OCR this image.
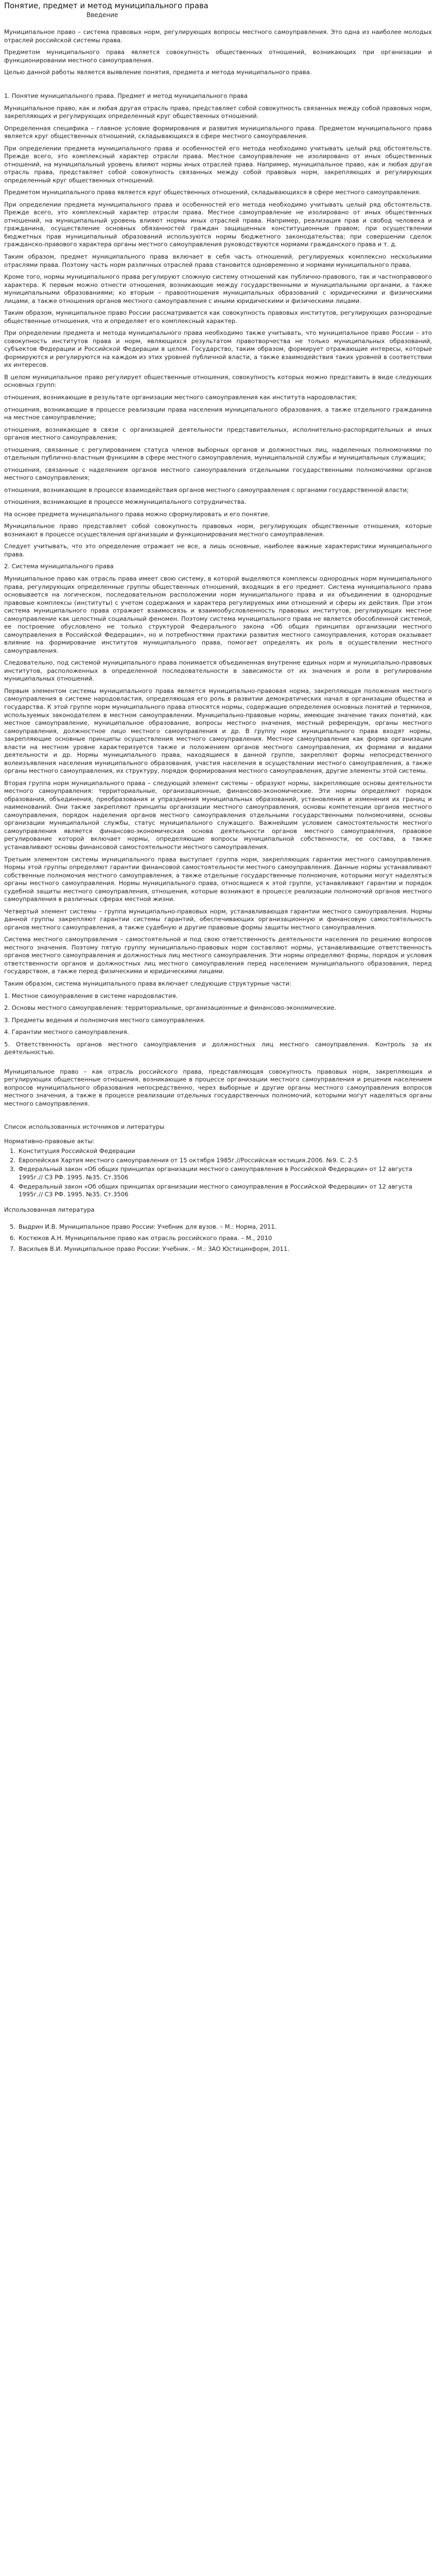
Понятие, предмет и метод муниципального права
Введение

Муниципальное право – система правовых норм, регулирующих вопросы местного самоуправления. Это одна из наиболее молодых отраслей российской системы права.

Предметом муниципального права является совокупность общественных отношений, возникающих при организации и функционировании местного самоуправления.

Целью данной работы является выявление понятия, предмета и метода муниципального права.

1. Понятие муниципального права. Предмет и метод муниципального права

Муниципальное право, как и любая другая отрасль права, представляет собой совокупность связанных между собой правовых норм, закрепляющих и регулирующих определенный круг общественных отношений.

Определенная специфика – главное условие формирования и развития муниципального права. Предметом муниципального права является круг общественных отношений, складывающихся в сфере местного самоуправления.

При определении предмета муниципального права и особенностей его метода необходимо учитывать целый ряд обстоятельств. Прежде всего, это комплексный характер отрасли права. Местное самоуправление не изолировано от иных общественных отношений, на муниципальный уровень влияют нормы иных отраслей права. Например, муниципальное право, как и любая другая отрасль права, представляет собой совокупность связанных между собой правовых норм, закрепляющих и регулирующих определенный круг общественных отношений.

Предметом муниципального права является круг общественных отношений, складывающихся в сфере местного самоуправления.

При определении предмета муниципального права и особенностей его метода необходимо учитывать целый ряд обстоятельств. Прежде всего, это комплексный характер отрасли права. Местное самоуправление не изолировано от иных общественных отношений, на муниципальный уровень влияют нормы иных отраслей права. Например, реализация прав и свобод человека и гражданина, осуществление основных обязанностей граждан защищенных конституционным правом; при осуществлении бюджетных прав муниципальный образований используются нормы бюджетного законодательства; при совершении сделок гражданско-правового характера органы местного самоуправления руководствуются нормами гражданского права и т. д.

Таким образом, предмет муниципального права включает в себя часть отношений, регулируемых комплексно несколькими отраслями права. Поэтому часть норм различных отраслей права становится одновременно и нормами муниципального права.

Кроме того, нормы муниципального права регулируют сложную систему отношений как публично-правового, так и частноправового характера. К первым можно отнести отношения, возникающие между государственными и муниципальными органами, а также муниципальными образованиями; ко вторым – правоотношения муниципальных образований с юридическими и физическими лицами, а также отношения органов местного самоуправления с иными юридическими и физическими лицами.

Таким образом, муниципальное право России рассматривается как совокупность правовых институтов, регулирующих разнородные общественные отношения, что и определяет его комплексный характер.

При определении предмета и метода муниципального права необходимо также учитывать, что муниципальное право России – это совокупность институтов права и норм, являющихся результатом правотворчества не только муниципальных образований, субъектов Федерации и Российской Федерации в целом. Государство, таким образом, формирует отражающие интересы, которые формируются и регулируются на каждом из этих уровней публичной власти, а также взаимодействия таких уровней в соответствии их интересов.

В целом муниципальное право регулирует общественные отношения, совокупность которых можно представить в виде следующих основных групп:

отношения, возникающие в результате организации местного самоуправления как института народовластия;

отношения, возникающие в процессе реализации права населения муниципального образования, а также отдельного гражданина на местное самоуправление;

отношения, возникающие в связи с организацией деятельности представительных, исполнительно-распорядительных и иных органов местного самоуправления;

отношения, связанные с регулированием статуса членов выборных органов и должностных лиц, наделенных полномочиями по отдельным публично-властным функциям в сфере местного самоуправления, муниципальной службы и муниципальных служащих;

отношения, связанные с наделением органов местного самоуправления отдельными государственными полномочиями органов местного самоуправления;

отношения, возникающие в процессе взаимодействия органов местного самоуправления с органами государственной власти;

отношения, возникающие в процессе межмуниципального сотрудничества.

На основе предмета муниципального права можно сформулировать и его понятие.

Муниципальное право представляет собой совокупность правовых норм, регулирующих общественные отношения, которые возникают в процессе осуществления организации и функционирования местного самоуправления.

Следует учитывать, что это определение отражает не все, а лишь основные, наиболее важные характеристики муниципального права.

2. Система муниципального права

Муниципальное право как отрасль права имеет свою систему, в которой выделяются комплексы однородных норм муниципального права, регулирующих определенные группы общественных отношений, входящих в его предмет. Система муниципального права основывается на логическом, последовательном расположении норм муниципального права и их объединении в однородные правовые комплексы (институты) с учетом содержания и характера регулируемых ими отношений и сферы их действия. При этом система муниципального права отражает взаимосвязь и взаимообусловленность правовых институтов, регулирующих местное самоуправление как целостный социальный феномен. Поэтому система муниципального права не является обособленной системой, ее построение обусловлено не только структурой Федерального закона «Об общих принципах организации местного самоуправления в Российской Федерации», но и потребностями практики развития местного самоуправления, которая оказывает влияние на формирование институтов муниципального права, помогает определять их роль в осуществлении местного самоуправления.

Следовательно, под системой муниципального права понимается объединенная внутренне единых норм и муниципально-правовых институтов, расположенных в определенной последовательности в зависимости от их значения и роли в регулировании муниципальных отношений.

Первым элементом системы муниципального права является муниципально-правовая норма, закрепляющая положения местного самоуправления в системе народовластия, определяющая его роль в развитии демократических начал в организации общества и государства. К этой группе норм муниципального права относятся нормы, содержащие определения основных понятий и терминов, используемых законодателем в местном самоуправлении. Муниципально-правовые нормы, имеющие значение таких понятий, как местное самоуправление, муниципальное образование, вопросы местного значения, местный референдум, органы местного самоуправления, должностное лицо местного самоуправления и др. В группу норм муниципального права входят нормы, закрепляющие основные принципы осуществления местного самоуправления. Местное самоуправление как форма организации власти на местном уровне характеризуется также и положением органов местного самоуправления, их формами и видами деятельности и др. Нормы муниципального права, находящиеся в данной группе, закрепляют формы непосредственного волеизъявления населения муниципального образования, участия населения в осуществлении местного самоуправления, а также органы местного самоуправления, их структуру, порядок формирования местного самоуправления, другие элементы этой системы.

Вторая группа норм муниципального права – следующий элемент системы – образуют нормы, закрепляющие основы деятельности местного самоуправления: территориальные, организационные, финансово-экономические. Эти нормы определяют порядок образования, объединения, преобразования и упразднения муниципальных образований, установления и изменения их границ и наименований. Они также закрепляют принципы организации местного самоуправления, основы компетенции органов местного самоуправления, порядок наделения органов местного самоуправления отдельными государственными полномочиями, основы организации муниципальной службы, статус муниципального служащего. Важнейшим условием самостоятельности местного самоуправления является финансово-экономическая основа деятельности органов местного самоуправления, правовое регулирование которой включает нормы, определяющие вопросы муниципальной собственности, ее состава, а также устанавливают основы финансовой самостоятельности местного самоуправления.

Третьим элементом системы муниципального права выступает группа норм, закрепляющих гарантии местного самоуправления. Нормы этой группы определяют гарантии финансовой самостоятельности местного самоуправления. Данные нормы устанавливают собственные полномочия местного самоуправления, а также отдельные государственные полномочия, которыми могут наделяться органы местного самоуправления. Нормы муниципального права, относящиеся к этой группе, устанавливают гарантии и порядок судебной защиты местного самоуправления, отношения, которые возникают в процессе реализации полномочий органов местного самоуправления в различных сферах местной жизни.

Четвертый элемент системы – группа муниципально-правовых норм, устанавливающая гарантии местного самоуправления. Нормы данной группы закрепляют гарантии системы гарантий, обеспечивающих организационную и финансовую самостоятельность органов местного самоуправления, а также судебную и другие правовые формы защиты местного самоуправления.

Система местного самоуправления – самостоятельной и под свою ответственность деятельности населения по решению вопросов местного значения. Поэтому пятую группу муниципально-правовых норм составляют нормы, устанавливающие ответственность органов местного самоуправления и должностных лиц местного самоуправления. Эти нормы определяют формы, порядок и условия ответственности органов и должностных лиц местного самоуправления перед населением муниципального образования, перед государством, а также перед физическими и юридическими лицами.

Таким образом, система муниципального права включает следующие структурные части:

1. Местное самоуправление в системе народовластия.

2. Основы местного самоуправления: территориальные, организационные и финансово-экономические.

3. Предметы ведения и полномочия местного самоуправления.

4. Гарантии местного самоуправления.

5. Ответственность органов местного самоуправления и должностных лиц местного самоуправления. Контроль за их деятельностью.

Муниципальное право – как отрасль российского права, представляющая совокупность правовых норм, закрепляющих и регулирующих общественные отношения, возникающие в процессе организации местного самоуправления и решения населением вопросов муниципального образования непосредственно, через выборные и другие органы местного самоуправления вопросов местного значения, а также в процессе реализации отдельных государственных полномочий, которыми могут наделяться органы местного самоуправления.

Список использованных источников и литературы

Нормативно-правовые акты:

1. Конституция Российской Федерации
2. Европейская Хартия местного самоуправления от 15 октября 1985г.//Российская юстиция.2006. №9. С. 2-5
3. Федеральный закон «Об общих принципах организации местного самоуправления в Российской Федерации» от 12 августа 1995г.// СЗ РФ. 1995. №35. Ст.3506
4. Федеральный закон «Об общих принципах организации местного самоуправления в Российской Федерации» от 12 августа 1995г.// СЗ РФ. 1995. №35. Ст.3506

Использованная литература

5. Выдрин И.В. Муниципальное право России: Учебник для вузов. – М.: Норма, 2011.
6. Костюков А.Н. Муниципальное право как отрасль российского права. – М., 2010
7. Васильев В.И. Муниципальное право России: Учебник. – М.: ЗАО Юстицинформ, 2011.
